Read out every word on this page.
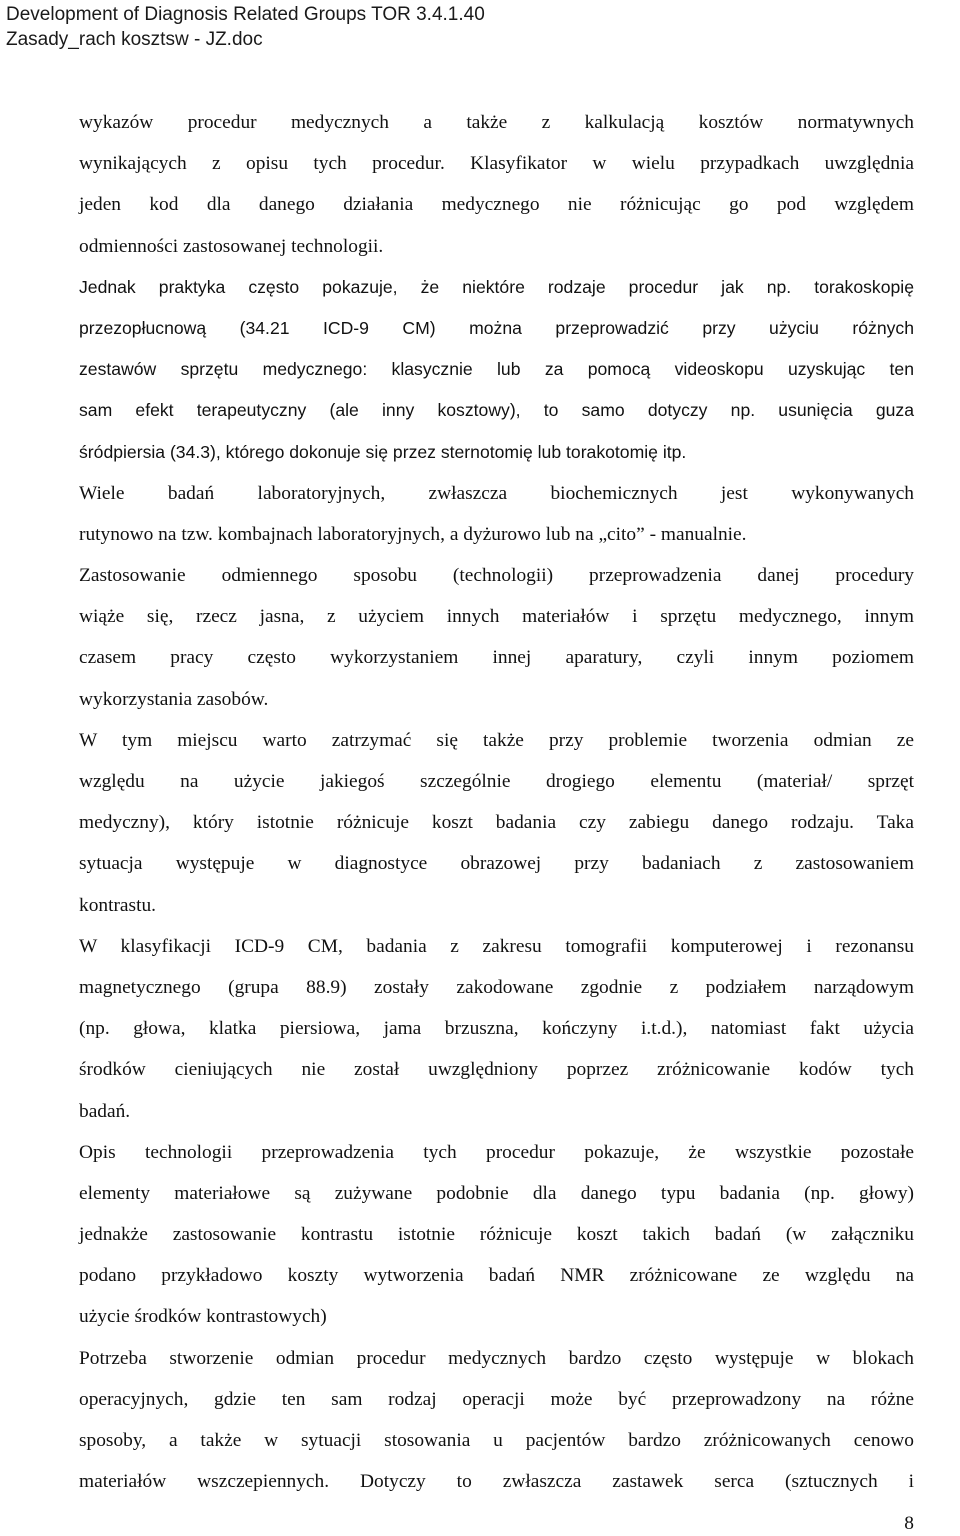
Development of Diagnosis Related Groups TOR 3.4.1.40
Zasady_rach kosztsw - JZ.doc
wykazów procedur medycznych a także z kalkulacją kosztów normatywnych
wynikających z opisu tych procedur. Klasyfikator w wielu przypadkach uwzględnia
jeden kod dla danego działania medycznego nie różnicując go pod względem
odmienności zastosowanej technologii.
Jednak praktyka często pokazuje, że niektóre rodzaje procedur jak np. torakoskopię
przezopłucnową (34.21 ICD-9 CM) można przeprowadzić przy użyciu różnych
zestawów sprzętu medycznego: klasycznie lub za pomocą videoskopu uzyskując ten
sam efekt terapeutyczny (ale inny kosztowy), to samo dotyczy np. usunięcia guza
śródpiersia (34.3), którego dokonuje się przez sternotomię lub torakotomię itp.
Wiele badań laboratoryjnych, zwłaszcza biochemicznych jest wykonywanych
rutynowo na tzw. kombajnach laboratoryjnych, a dyżurowo lub na „cito” - manualnie.
Zastosowanie odmiennego sposobu (technologii) przeprowadzenia danej procedury
wiąże się, rzecz jasna, z użyciem innych materiałów i sprzętu medycznego, innym
czasem pracy często wykorzystaniem innej aparatury, czyli innym poziomem
wykorzystania zasobów.
W tym miejscu warto zatrzymać się także przy problemie tworzenia odmian ze
względu na użycie jakiegoś szczególnie drogiego elementu (materiał/ sprzęt
medyczny), który istotnie różnicuje koszt badania czy zabiegu danego rodzaju. Taka
sytuacja występuje w diagnostyce obrazowej przy badaniach z zastosowaniem
kontrastu.
W klasyfikacji ICD-9 CM, badania z zakresu tomografii komputerowej i rezonansu
magnetycznego (grupa 88.9) zostały zakodowane zgodnie z podziałem narządowym
(np. głowa, klatka piersiowa, jama brzuszna, kończyny i.t.d.), natomiast fakt użycia
środków cieniujących nie został uwzględniony poprzez zróżnicowanie kodów tych
badań.
Opis technologii przeprowadzenia tych procedur pokazuje, że wszystkie pozostałe
elementy materiałowe są zużywane podobnie dla danego typu badania (np. głowy)
jednakże zastosowanie kontrastu istotnie różnicuje koszt takich badań (w załączniku
podano przykładowo koszty wytworzenia badań NMR zróżnicowane ze względu na
użycie środków kontrastowych)
Potrzeba stworzenie odmian procedur medycznych bardzo często występuje w blokach
operacyjnych, gdzie ten sam rodzaj operacji może być przeprowadzony na różne
sposoby, a także w sytuacji stosowania u pacjentów bardzo zróżnicowanych cenowo
materiałów wszczepiennych. Dotyczy to zwłaszcza zastawek serca (sztucznych i
8
